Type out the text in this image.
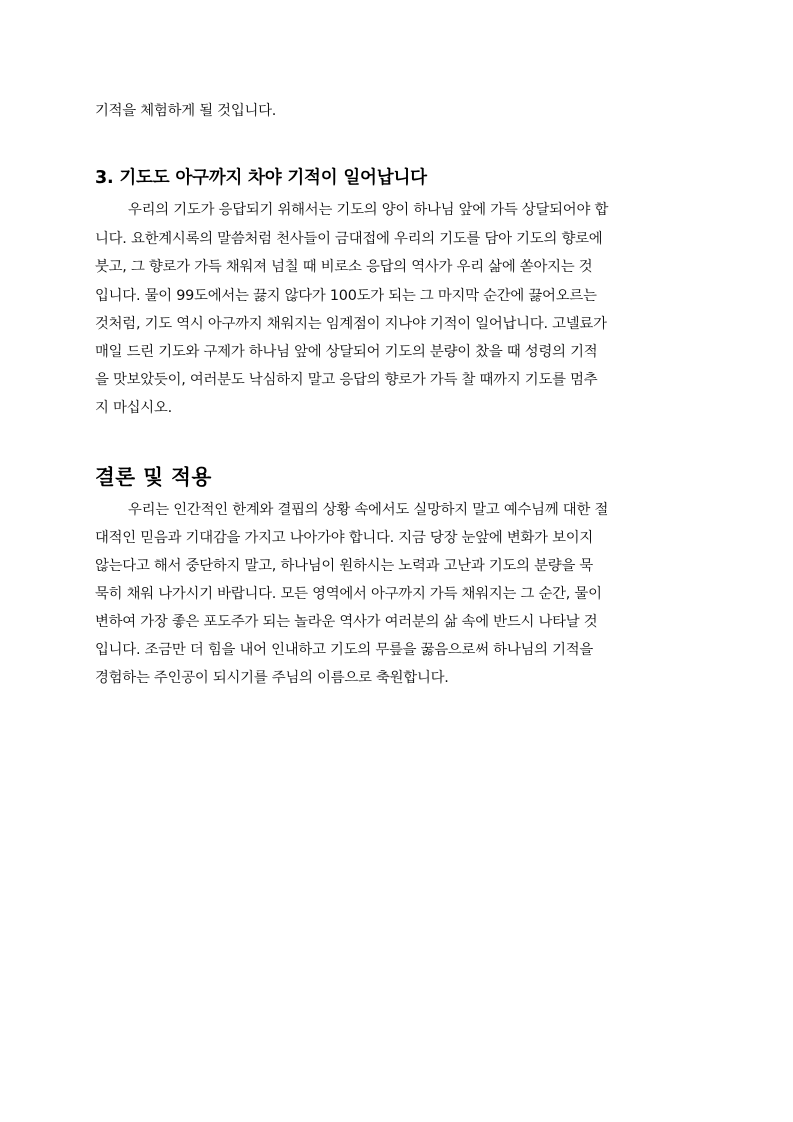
기적을 체험하게 될 것입니다.
3. 기도도 아구까지 차야 기적이 일어납니다
우리의 기도가 응답되기 위해서는 기도의 양이 하나님 앞에 가득 상달되어야 합
니다. 요한계시록의 말씀처럼 천사들이 금대접에 우리의 기도를 담아 기도의 향로에
붓고, 그 향로가 가득 채워져 넘칠 때 비로소 응답의 역사가 우리 삶에 쏟아지는 것
입니다. 물이 99도에서는 끓지 않다가 100도가 되는 그 마지막 순간에 끓어오르는
것처럼, 기도 역시 아구까지 채워지는 임계점이 지나야 기적이 일어납니다. 고넬료가
매일 드린 기도와 구제가 하나님 앞에 상달되어 기도의 분량이 찼을 때 성령의 기적
을 맛보았듯이, 여러분도 낙심하지 말고 응답의 향로가 가득 찰 때까지 기도를 멈추
지 마십시오.
결론 및 적용
우리는 인간적인 한계와 결핍의 상황 속에서도 실망하지 말고 예수님께 대한 절
대적인 믿음과 기대감을 가지고 나아가야 합니다. 지금 당장 눈앞에 변화가 보이지
않는다고 해서 중단하지 말고, 하나님이 원하시는 노력과 고난과 기도의 분량을 묵
묵히 채워 나가시기 바랍니다. 모든 영역에서 아구까지 가득 채워지는 그 순간, 물이
변하여 가장 좋은 포도주가 되는 놀라운 역사가 여러분의 삶 속에 반드시 나타날 것
입니다. 조금만 더 힘을 내어 인내하고 기도의 무릎을 꿇음으로써 하나님의 기적을
경험하는 주인공이 되시기를 주님의 이름으로 축원합니다.
